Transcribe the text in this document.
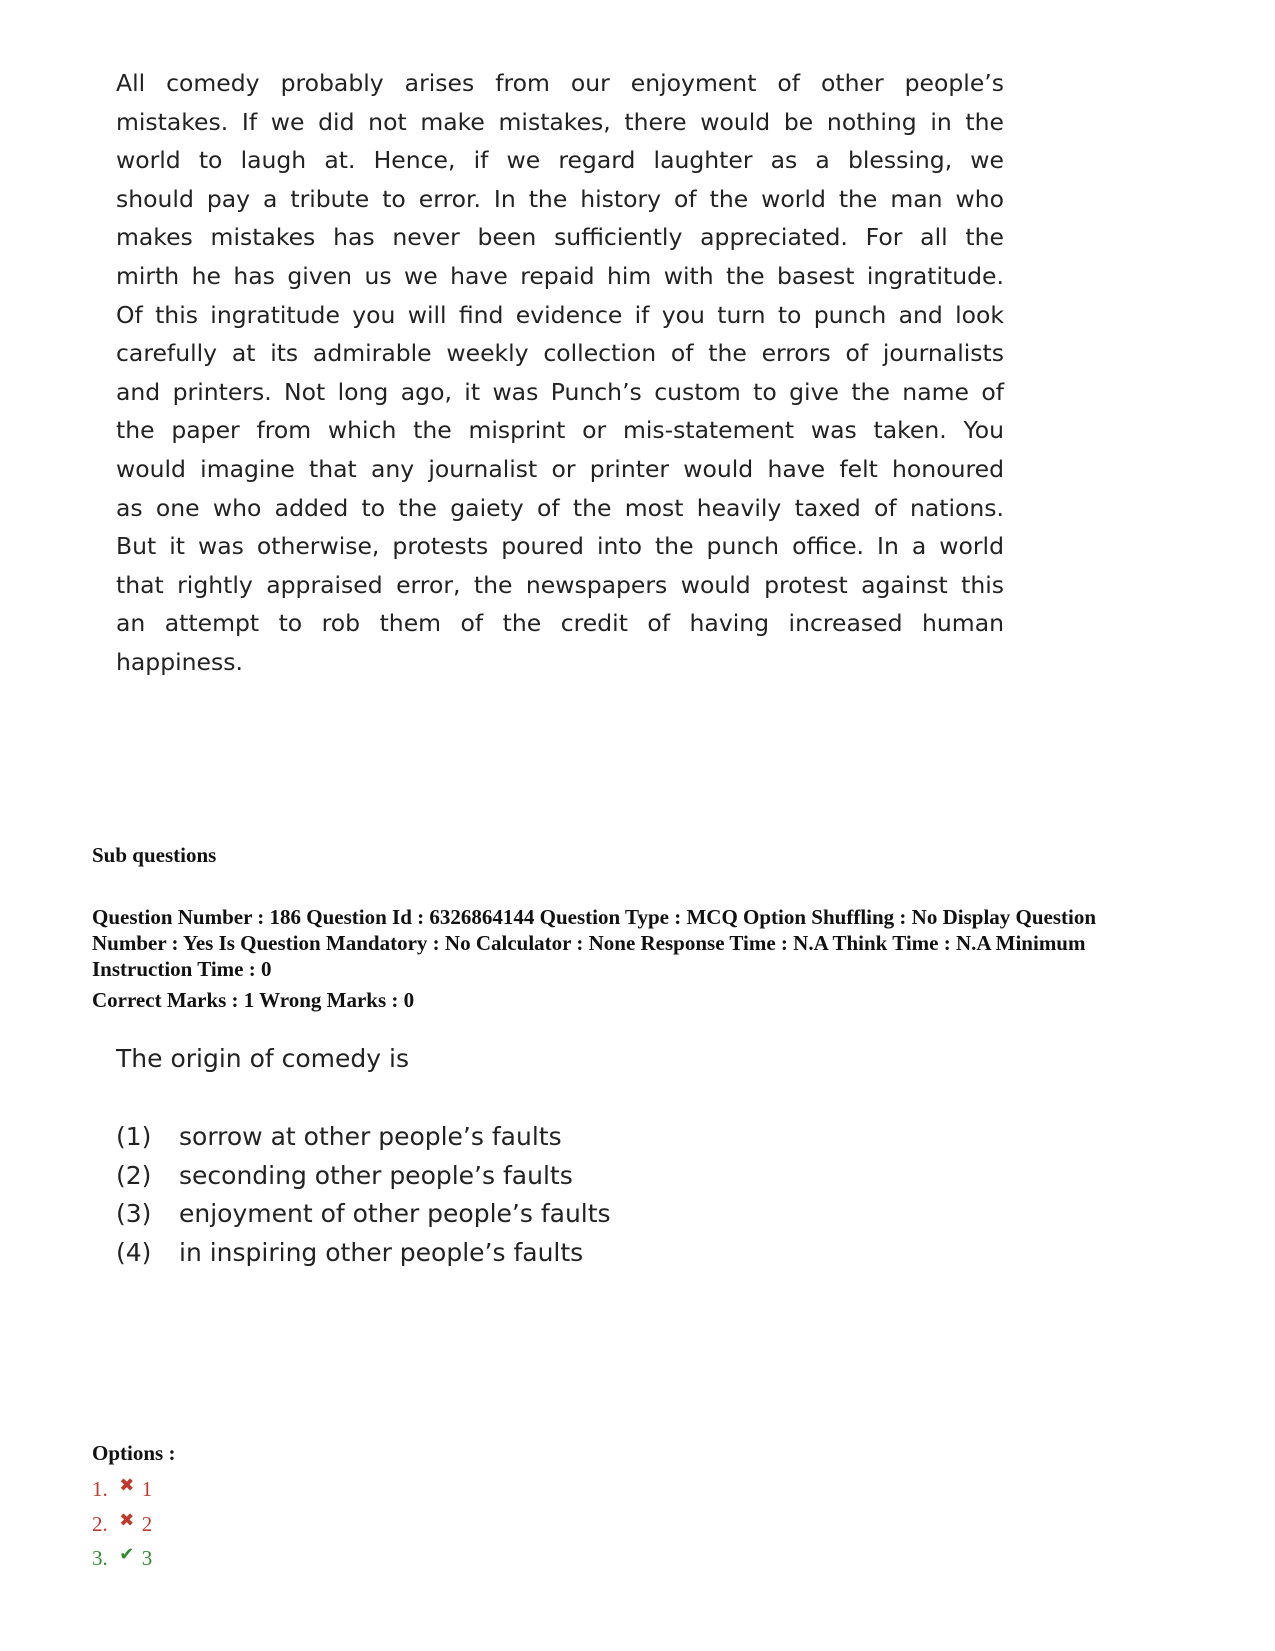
All comedy probably arises from our enjoyment of other people’s

mistakes. If we did not make mistakes, there would be nothing in the

world to laugh at. Hence, if we regard laughter as a blessing, we

should pay a tribute to error. In the history of the world the man who

makes mistakes has never been sufficiently appreciated. For all the

mirth he has given us we have repaid him with the basest ingratitude.

Of this ingratitude you will find evidence if you turn to punch and look

carefully at its admirable weekly collection of the errors of journalists

and printers. Not long ago, it was Punch’s custom to give the name of

the paper from which the misprint or mis-statement was taken. You

would imagine that any journalist or printer would have felt honoured

as one who added to the gaiety of the most heavily taxed of nations.

But it was otherwise, protests poured into the punch office. In a world

that rightly appraised error, the newspapers would protest against this

an attempt to rob them of the credit of having increased human

happiness.

Sub questions
Question Number : 186 Question Id : 6326864144 Question Type : MCQ Option Shuffling : No Display Question
Number : Yes Is Question Mandatory : No Calculator : None Response Time : N.A Think Time : N.A Minimum
Instruction Time : 0
Correct Marks : 1 Wrong Marks : 0
The origin of comedy is
(1)	sorrow at other people’s faults
(2)	seconding other people’s faults
(3)	enjoyment of other people’s faults
(4)	in inspiring other people’s faults
Options :
1. ✖ 1
2. ✖ 2
3. ✔ 3
